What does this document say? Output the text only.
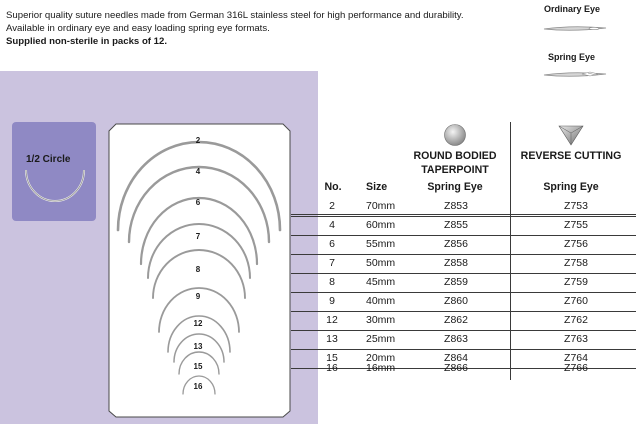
Superior quality suture needles made from German 316L stainless steel for high performance and durability.

Available in ordinary eye and easy loading spring eye formats.

Supplied non-sterile in packs of 12.

Ordinary Eye
Spring Eye
1/2 Circle
2
4
6
7
8
9
12
13
15
16
ROUND BODIED
TAPERPOINT
REVERSE CUTTING
No.	Size	Spring Eye	Spring Eye
2	70mm	Z853	Z753
4	60mm	Z855	Z755
6	55mm	Z856	Z756
7	50mm	Z858	Z758
8	45mm	Z859	Z759
9	40mm	Z860	Z760
12	30mm	Z862	Z762
13	25mm	Z863	Z763
15	20mm	Z864	Z764
16	16mm	Z866	Z766
